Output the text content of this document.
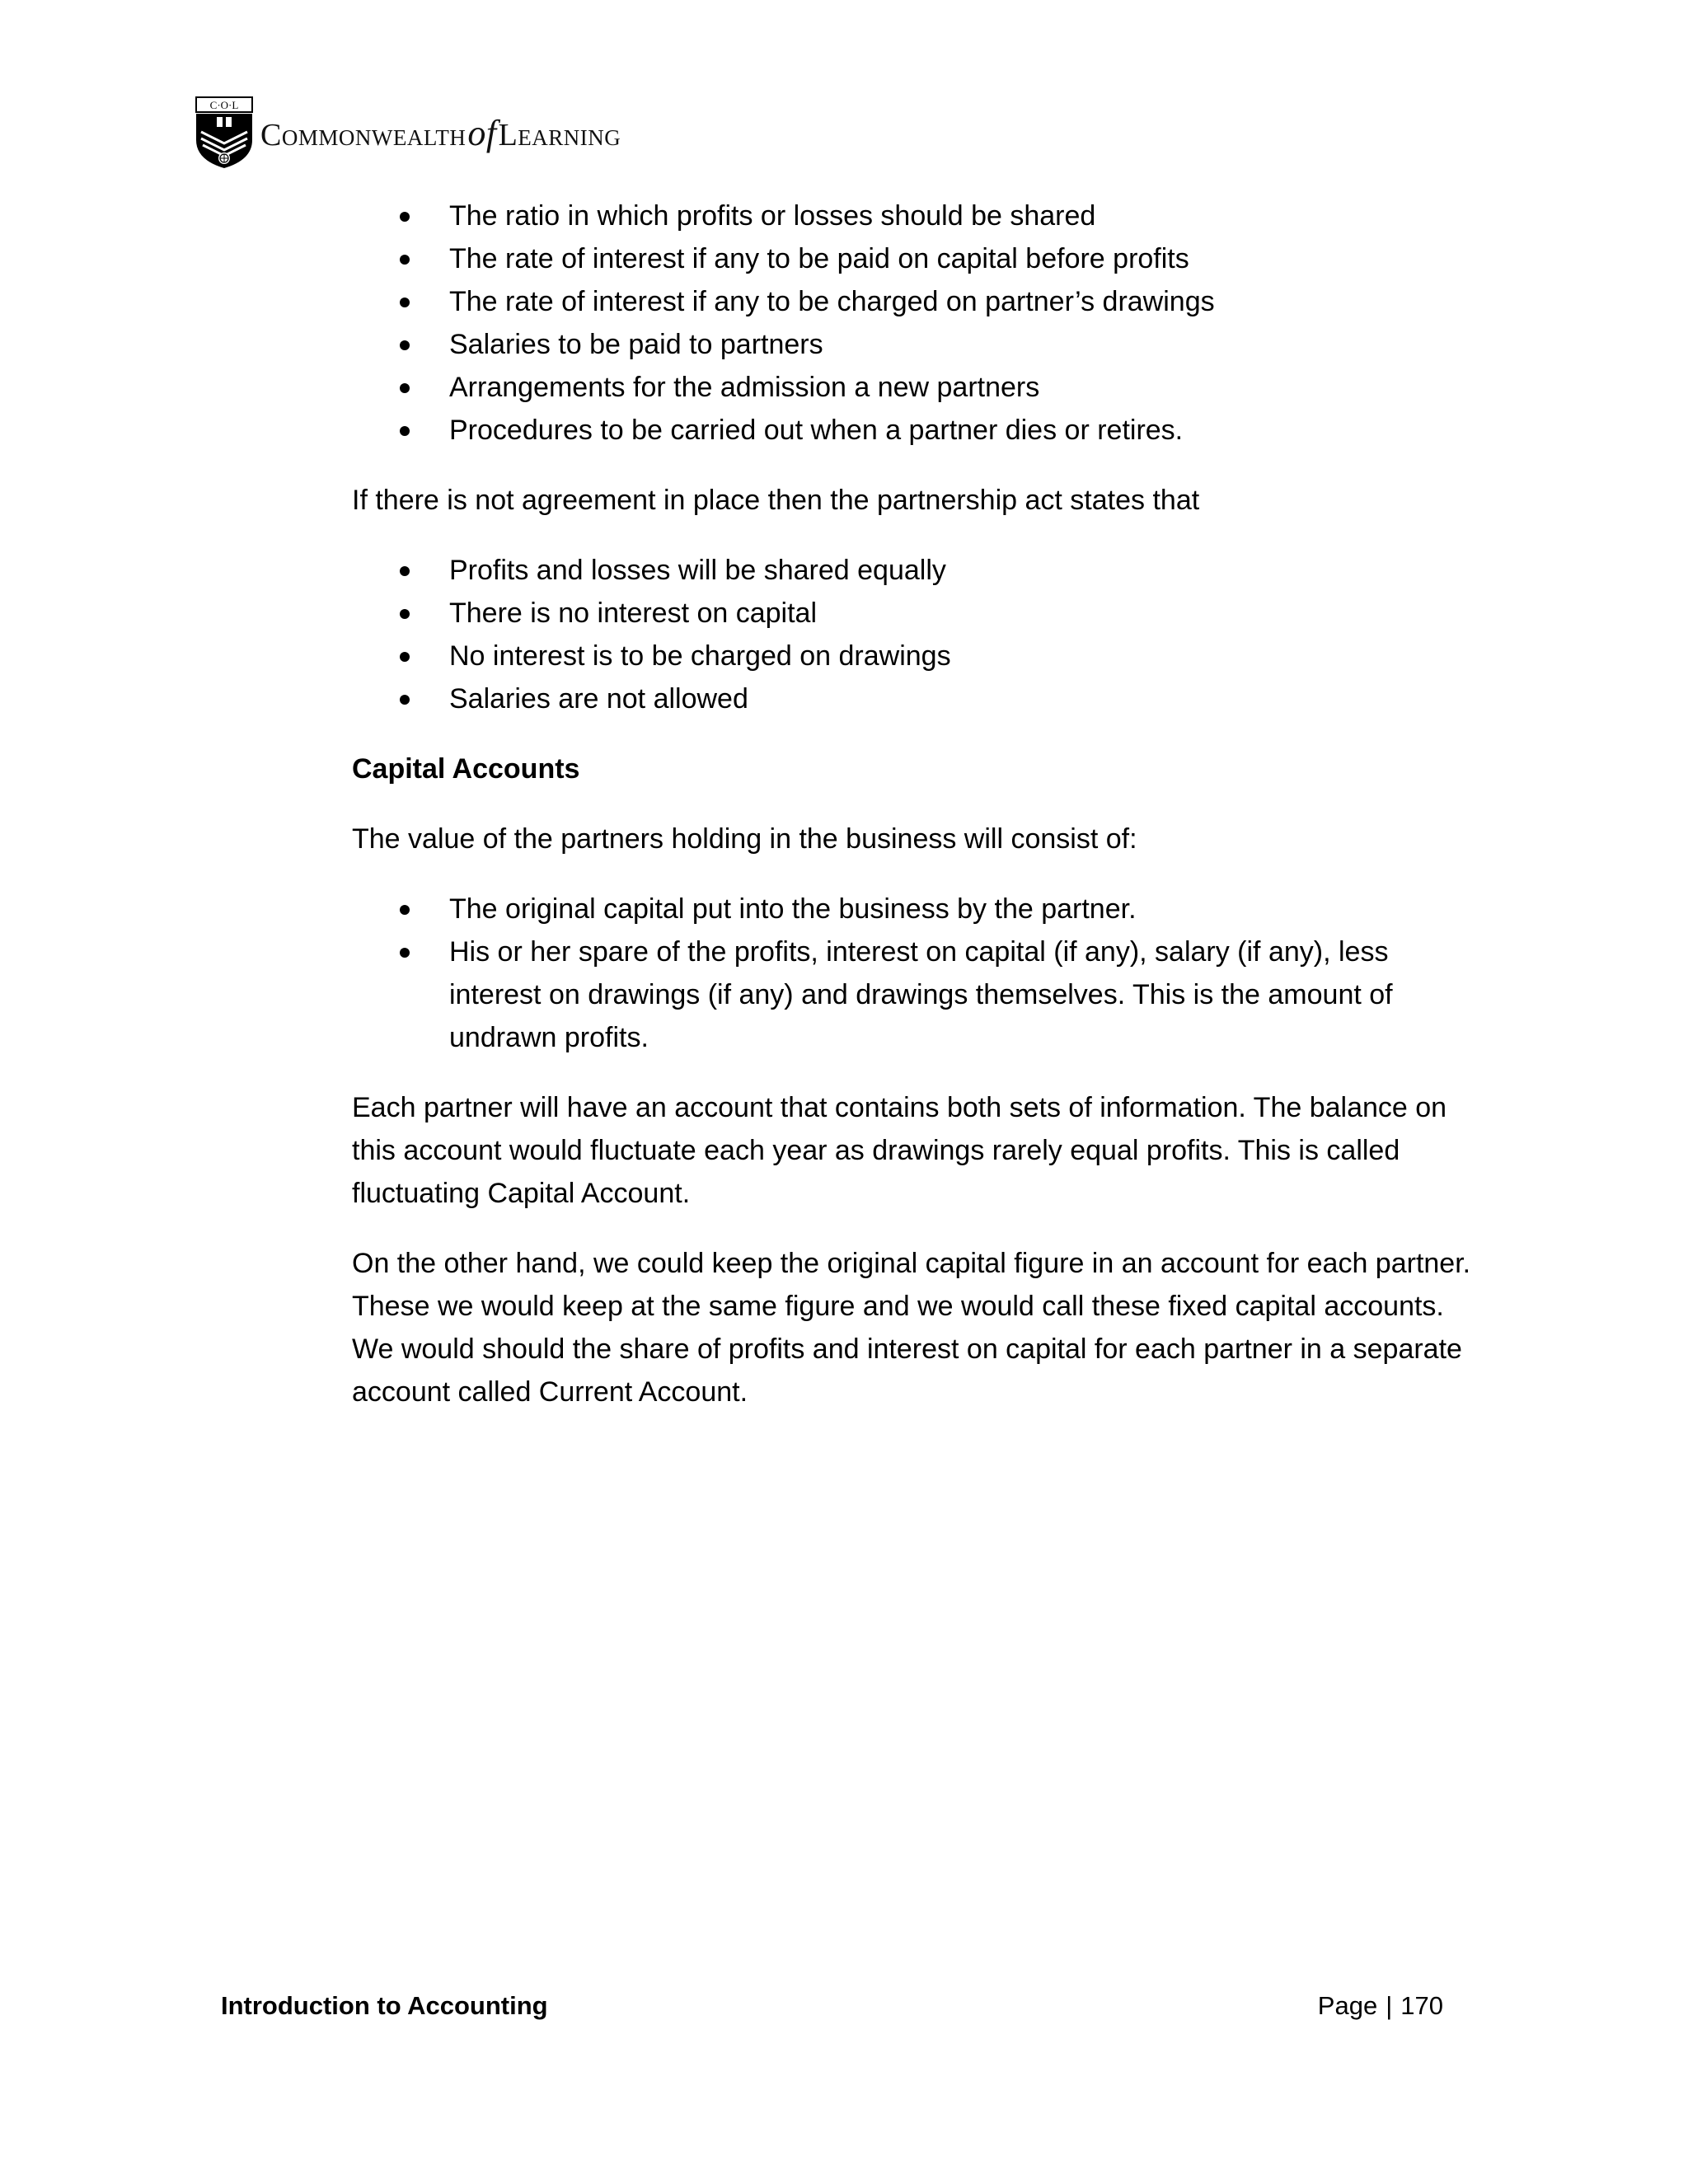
C·O·L
CommonwealthofLearning
The ratio in which profits or losses should be shared
The rate of interest if any to be paid on capital before profits
The rate of interest if any to be charged on partner’s drawings
Salaries to be paid to partners
Arrangements for the admission a new partners
Procedures to be carried out when a partner dies or retires.

If there is not agreement in place then the partnership act states that

Profits and losses will be shared equally
There is no interest on capital
No interest is to be charged on drawings
Salaries are not allowed

Capital Accounts

The value of the partners holding in the business will consist of:

The original capital put into the business by the partner.
His or her spare of the profits, interest on capital (if any), salary (if any), less interest on drawings (if any) and drawings themselves. This is the amount of undrawn profits.

Each partner will have an account that contains both sets of information. The balance on this account would fluctuate each year as drawings rarely equal profits. This is called fluctuating Capital Account.

On the other hand, we could keep the original capital figure in an account for each partner. These we would keep at the same figure and we would call these fixed capital accounts. We would should the share of profits and interest on capital for each partner in a separate account called Current Account.

Introduction to Accounting	Page | 170
